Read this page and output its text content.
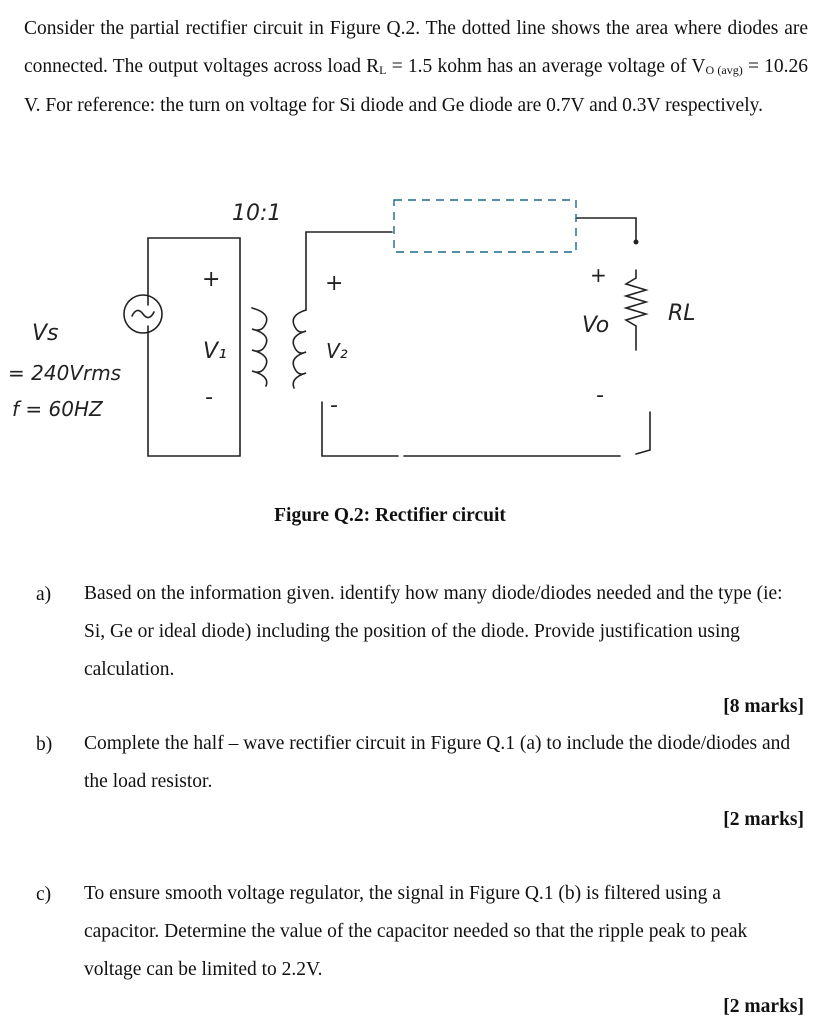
Consider the partial rectifier circuit in Figure Q.2. The dotted line shows the area where diodes are connected. The output voltages across load $R_L = 1.5$ kohm has an average voltage of $V_{O (avg)} = 10.26$ V. For reference: the turn on voltage for Si diode and Ge diode are 0.7V and 0.3V respectively.
10:1
Vs
= 240Vrms
f = 60HZ
+
V₁
-
+
V₂
-
+
Vo
-
RL
Figure Q.2: Rectifier circuit
a) Based on the information given. identify how many diode/diodes needed and the type (ie: Si, Ge or ideal diode) including the position of the diode. Provide justification using calculation.
[8 marks]
b) Complete the half – wave rectifier circuit in Figure Q.1 (a) to include the diode/diodes and the load resistor.
[2 marks]
c) To ensure smooth voltage regulator, the signal in Figure Q.1 (b) is filtered using a capacitor. Determine the value of the capacitor needed so that the ripple peak to peak voltage can be limited to 2.2V.
[2 marks]
